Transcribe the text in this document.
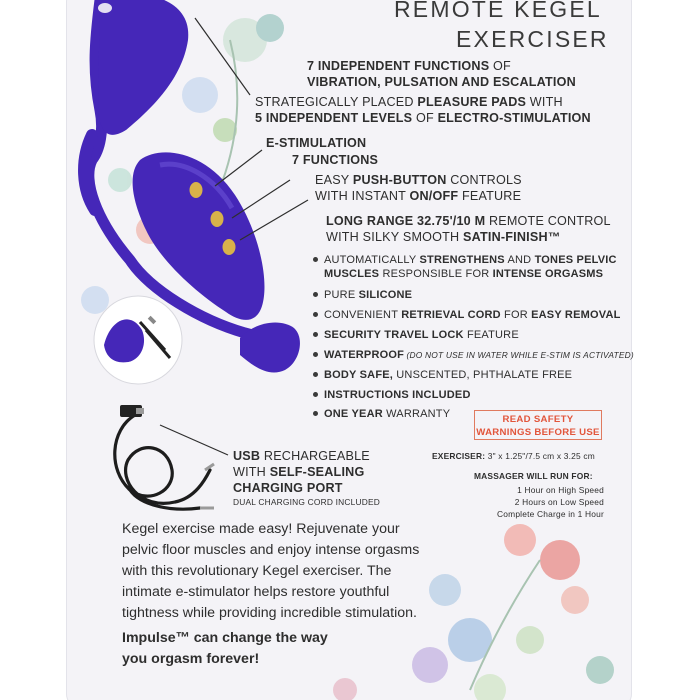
REMOTE KEGEL
EXERCISER
7 INDEPENDENT FUNCTIONS OF
VIBRATION, PULSATION AND ESCALATION
STRATEGICALLY PLACED PLEASURE PADS WITH
5 INDEPENDENT LEVELS OF ELECTRO-STIMULATION
E-STIMULATION
7 FUNCTIONS
EASY PUSH-BUTTON CONTROLS
WITH INSTANT ON/OFF FEATURE
LONG RANGE 32.75'/10 M REMOTE CONTROL
WITH SILKY SMOOTH SATIN-FINISH™
AUTOMATICALLY STRENGTHENS AND TONES PELVIC
MUSCLES RESPONSIBLE FOR INTENSE ORGASMS
PURE SILICONE
CONVENIENT RETRIEVAL CORD FOR EASY REMOVAL
SECURITY TRAVEL LOCK FEATURE
WATERPROOF (DO NOT USE IN WATER WHILE E-STIM IS ACTIVATED)
BODY SAFE, UNSCENTED, PHTHALATE FREE
INSTRUCTIONS INCLUDED
ONE YEAR WARRANTY
USB RECHARGEABLE
WITH SELF-SEALING
CHARGING PORT
DUAL CHARGING CORD INCLUDED
READ SAFETY
WARNINGS BEFORE USE
EXERCISER: 3" x 1.25"/7.5 cm x 3.25 cm
MASSAGER WILL RUN FOR:
1 Hour on High Speed
2 Hours on Low Speed
Complete Charge in 1 Hour
Kegel exercise made easy! Rejuvenate your
pelvic floor muscles and enjoy intense orgasms
with this revolutionary Kegel exerciser. The
intimate e-stimulator helps restore youthful
tightness while providing incredible stimulation.
Impulse™ can change the way
you orgasm forever!
